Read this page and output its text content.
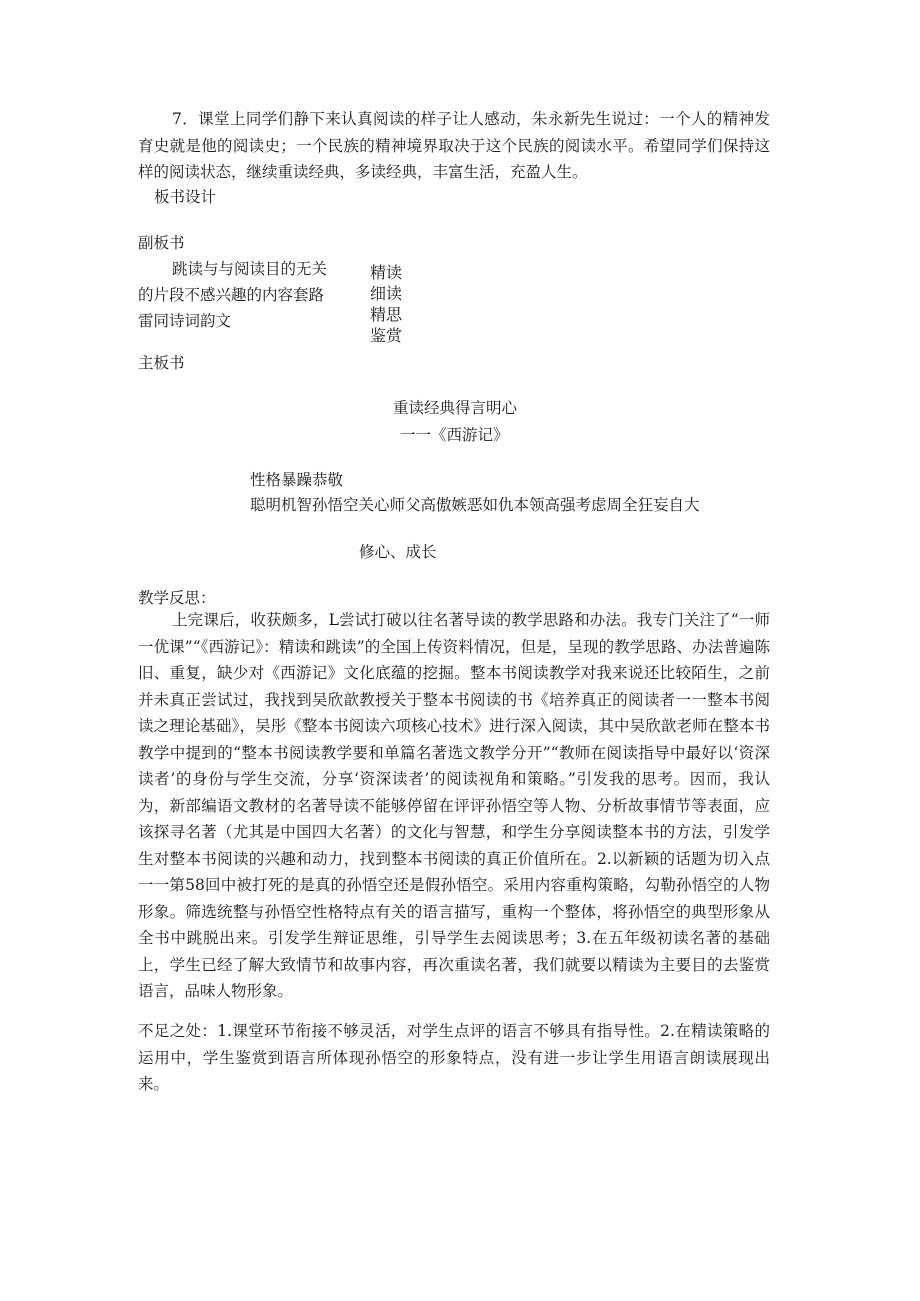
7．课堂上同学们静下来认真阅读的样子让人感动，朱永新先生说过：一个人的精神发育史就是他的阅读史；一个民族的精神境界取决于这个民族的阅读水平。希望同学们保持这样的阅读状态，继续重读经典，多读经典，丰富生活，充盈人生。
板书设计
副板书
跳读与与阅读目的无关
的片段不感兴趣的内容套路
雷同诗词韵文
精读
细读
精思
鉴赏
主板书
重读经典得言明心
一一《西游记》
性格暴躁恭敬
聪明机智孙悟空关心师父高傲嫉恶如仇本领高强考虑周全狂妄自大
修心、成长
教学反思：
上完课后，收获颇多，L尝试打破以往名著导读的教学思路和办法。我专门关注了“一师一优课”“《西游记》：精读和跳读”的全国上传资料情况，但是，呈现的教学思路、办法普遍陈旧、重复，缺少对《西游记》文化底蕴的挖掘。整本书阅读教学对我来说还比较陌生，之前并未真正尝试过，我找到吴欣歆教授关于整本书阅读的书《培养真正的阅读者一一整本书阅读之理论基础》，吴彤《整本书阅读六项核心技术》进行深入阅读，其中吴欣歆老师在整本书教学中提到的“整本书阅读教学要和单篇名著选文教学分开”“教师在阅读指导中最好以‘资深读者’的身份与学生交流，分享‘资深读者’的阅读视角和策略。”引发我的思考。因而，我认为，新部编语文教材的名著导读不能够停留在评评孙悟空等人物、分析故事情节等表面，应该探寻名著（尤其是中国四大名著）的文化与智慧，和学生分享阅读整本书的方法，引发学生对整本书阅读的兴趣和动力，找到整本书阅读的真正价值所在。2.以新颖的话题为切入点一一第58回中被打死的是真的孙悟空还是假孙悟空。采用内容重构策略，勾勒孙悟空的人物形象。筛选统整与孙悟空性格特点有关的语言描写，重构一个整体，将孙悟空的典型形象从全书中跳脱出来。引发学生辩证思维，引导学生去阅读思考；3.在五年级初读名著的基础上，学生已经了解大致情节和故事内容，再次重读名著，我们就要以精读为主要目的去鉴赏语言，品味人物形象。
不足之处：1.课堂环节衔接不够灵活，对学生点评的语言不够具有指导性。2.在精读策略的运用中，学生鉴赏到语言所体现孙悟空的形象特点，没有进一步让学生用语言朗读展现出来。
